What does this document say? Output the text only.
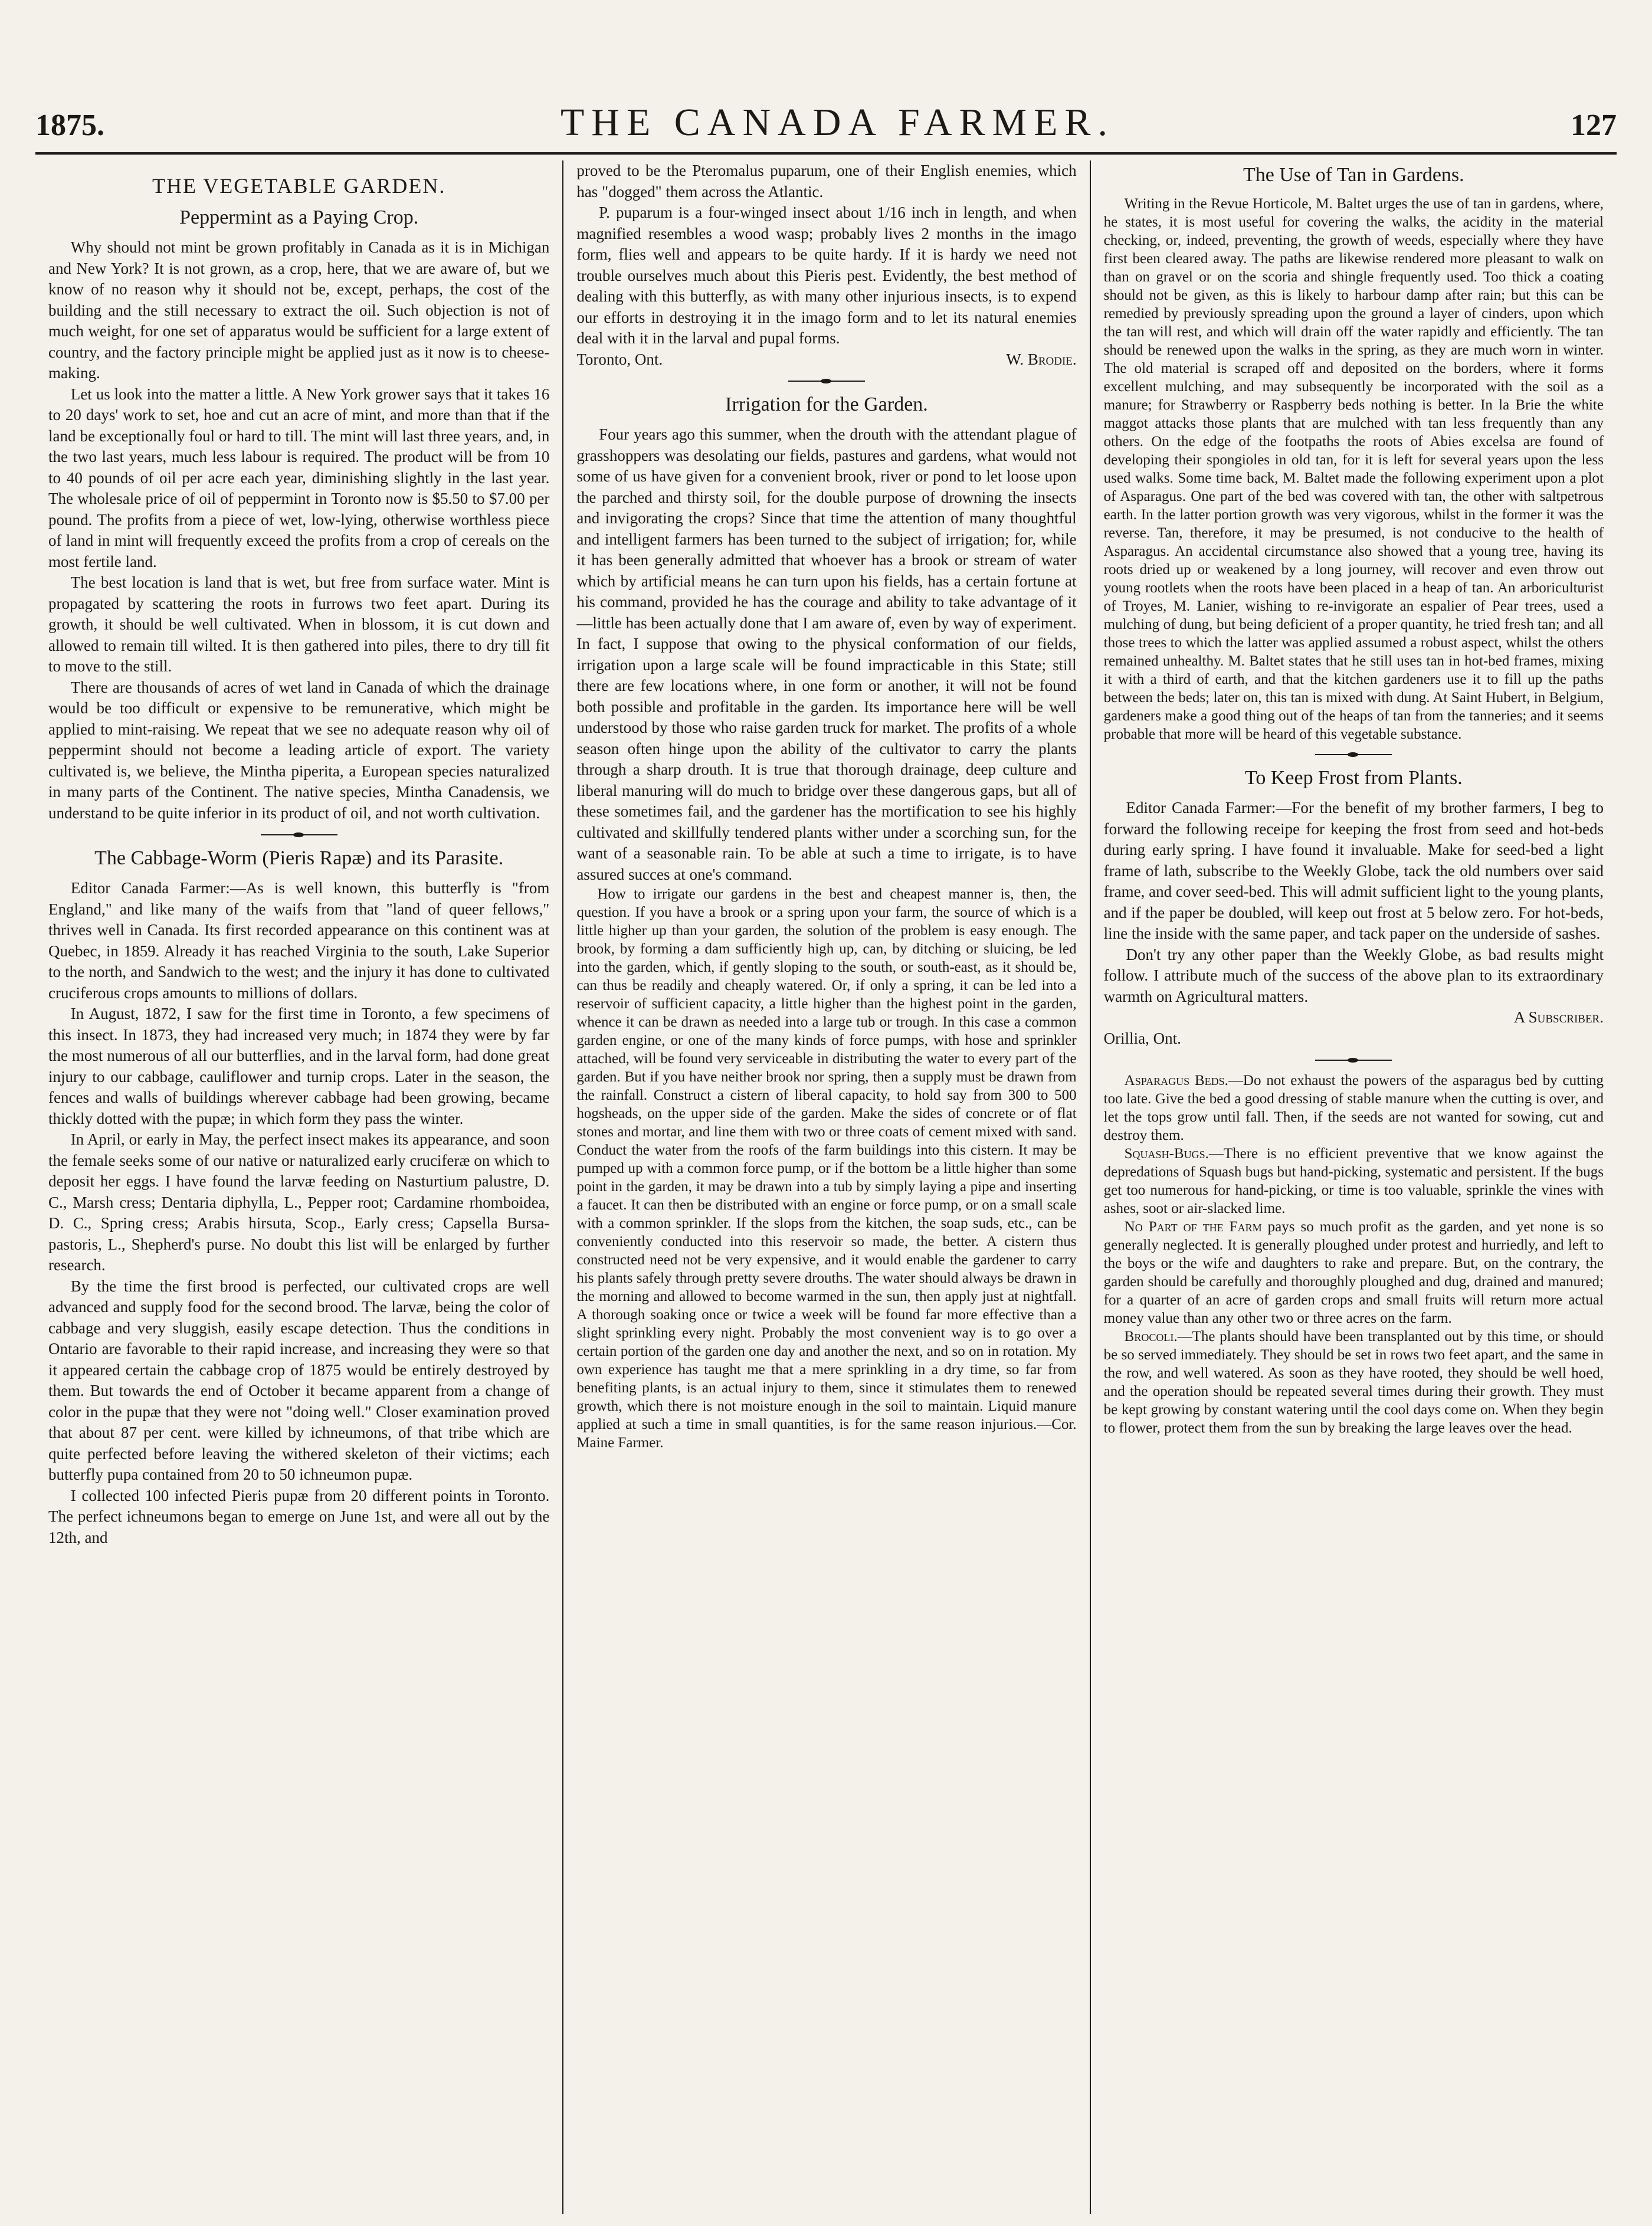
1875.	THE CANADA FARMER.	127
THE VEGETABLE GARDEN.
Peppermint as a Paying Crop.

Why should not mint be grown profitably in Canada as it is in Michigan and New York? It is not grown, as a crop, here, that we are aware of, but we know of no reason why it should not be, except, perhaps, the cost of the building and the still necessary to extract the oil. Such objection is not of much weight, for one set of apparatus would be sufficient for a large extent of country, and the factory principle might be applied just as it now is to cheese-making.

Let us look into the matter a little. A New York grower says that it takes 16 to 20 days' work to set, hoe and cut an acre of mint, and more than that if the land be exceptionally foul or hard to till. The mint will last three years, and, in the two last years, much less labour is required. The product will be from 10 to 40 pounds of oil per acre each year, diminishing slightly in the last year. The wholesale price of oil of peppermint in Toronto now is $5.50 to $7.00 per pound. The profits from a piece of wet, low-lying, otherwise worthless piece of land in mint will frequently exceed the profits from a crop of cereals on the most fertile land.

The best location is land that is wet, but free from surface water. Mint is propagated by scattering the roots in furrows two feet apart. During its growth, it should be well cultivated. When in blossom, it is cut down and allowed to remain till wilted. It is then gathered into piles, there to dry till fit to move to the still.

There are thousands of acres of wet land in Canada of which the drainage would be too difficult or expensive to be remunerative, which might be applied to mint-raising. We repeat that we see no adequate reason why oil of peppermint should not become a leading article of export. The variety cultivated is, we believe, the Mintha piperita, a European species naturalized in many parts of the Continent. The native species, Mintha Canadensis, we understand to be quite inferior in its product of oil, and not worth cultivation.

The Cabbage-Worm (Pieris Rapæ) and its Parasite.

Editor Canada Farmer:—As is well known, this butterfly is "from England," and like many of the waifs from that "land of queer fellows," thrives well in Canada. Its first recorded appearance on this continent was at Quebec, in 1859. Already it has reached Virginia to the south, Lake Superior to the north, and Sandwich to the west; and the injury it has done to cultivated cruciferous crops amounts to millions of dollars.

In August, 1872, I saw for the first time in Toronto, a few specimens of this insect. In 1873, they had increased very much; in 1874 they were by far the most numerous of all our butterflies, and in the larval form, had done great injury to our cabbage, cauliflower and turnip crops. Later in the season, the fences and walls of buildings wherever cabbage had been growing, became thickly dotted with the pupæ; in which form they pass the winter.

In April, or early in May, the perfect insect makes its appearance, and soon the female seeks some of our native or naturalized early cruciferæ on which to deposit her eggs. I have found the larvæ feeding on Nasturtium palustre, D. C., Marsh cress; Dentaria diphylla, L., Pepper root; Cardamine rhomboidea, D. C., Spring cress; Arabis hirsuta, Scop., Early cress; Capsella Bursa-pastoris, L., Shepherd's purse. No doubt this list will be enlarged by further research.

By the time the first brood is perfected, our cultivated crops are well advanced and supply food for the second brood. The larvæ, being the color of cabbage and very sluggish, easily escape detection. Thus the conditions in Ontario are favorable to their rapid increase, and increasing they were so that it appeared certain the cabbage crop of 1875 would be entirely destroyed by them. But towards the end of October it became apparent from a change of color in the pupæ that they were not "doing well." Closer examination proved that about 87 per cent. were killed by ichneumons, of that tribe which are quite perfected before leaving the withered skeleton of their victims; each butterfly pupa contained from 20 to 50 ichneumon pupæ.

I collected 100 infected Pieris pupæ from 20 different points in Toronto. The perfect ichneumons began to emerge on June 1st, and were all out by the 12th, and

proved to be the Pteromalus puparum, one of their English enemies, which has "dogged" them across the Atlantic.

P. puparum is a four-winged insect about 1/16 inch in length, and when magnified resembles a wood wasp; probably lives 2 months in the imago form, flies well and appears to be quite hardy. If it is hardy we need not trouble ourselves much about this Pieris pest. Evidently, the best method of dealing with this butterfly, as with many other injurious insects, is to expend our efforts in destroying it in the imago form and to let its natural enemies deal with it in the larval and pupal forms.

Toronto, Ont.	W. Brodie.

Irrigation for the Garden.

Four years ago this summer, when the drouth with the attendant plague of grasshoppers was desolating our fields, pastures and gardens, what would not some of us have given for a convenient brook, river or pond to let loose upon the parched and thirsty soil, for the double purpose of drowning the insects and invigorating the crops? Since that time the attention of many thoughtful and intelligent farmers has been turned to the subject of irrigation; for, while it has been generally admitted that whoever has a brook or stream of water which by artificial means he can turn upon his fields, has a certain fortune at his command, provided he has the courage and ability to take advantage of it—little has been actually done that I am aware of, even by way of experiment. In fact, I suppose that owing to the physical conformation of our fields, irrigation upon a large scale will be found impracticable in this State; still there are few locations where, in one form or another, it will not be found both possible and profitable in the garden. Its importance here will be well understood by those who raise garden truck for market. The profits of a whole season often hinge upon the ability of the cultivator to carry the plants through a sharp drouth. It is true that thorough drainage, deep culture and liberal manuring will do much to bridge over these dangerous gaps, but all of these sometimes fail, and the gardener has the mortification to see his highly cultivated and skillfully tendered plants wither under a scorching sun, for the want of a seasonable rain. To be able at such a time to irrigate, is to have assured succes at one's command.

How to irrigate our gardens in the best and cheapest manner is, then, the question. If you have a brook or a spring upon your farm, the source of which is a little higher up than your garden, the solution of the problem is easy enough. The brook, by forming a dam sufficiently high up, can, by ditching or sluicing, be led into the garden, which, if gently sloping to the south, or south-east, as it should be, can thus be readily and cheaply watered. Or, if only a spring, it can be led into a reservoir of sufficient capacity, a little higher than the highest point in the garden, whence it can be drawn as needed into a large tub or trough. In this case a common garden engine, or one of the many kinds of force pumps, with hose and sprinkler attached, will be found very serviceable in distributing the water to every part of the garden. But if you have neither brook nor spring, then a supply must be drawn from the rainfall. Construct a cistern of liberal capacity, to hold say from 300 to 500 hogsheads, on the upper side of the garden. Make the sides of concrete or of flat stones and mortar, and line them with two or three coats of cement mixed with sand. Conduct the water from the roofs of the farm buildings into this cistern. It may be pumped up with a common force pump, or if the bottom be a little higher than some point in the garden, it may be drawn into a tub by simply laying a pipe and inserting a faucet. It can then be distributed with an engine or force pump, or on a small scale with a common sprinkler. If the slops from the kitchen, the soap suds, etc., can be conveniently conducted into this reservoir so made, the better. A cistern thus constructed need not be very expensive, and it would enable the gardener to carry his plants safely through pretty severe drouths. The water should always be drawn in the morning and allowed to become warmed in the sun, then apply just at nightfall. A thorough soaking once or twice a week will be found far more effective than a slight sprinkling every night. Probably the most convenient way is to go over a certain portion of the garden one day and another the next, and so on in rotation. My own experience has taught me that a mere sprinkling in a dry time, so far from benefiting plants, is an actual injury to them, since it stimulates them to renewed growth, which there is not moisture enough in the soil to maintain. Liquid manure applied at such a time in small quantities, is for the same reason injurious.—Cor. Maine Farmer.

The Use of Tan in Gardens.

Writing in the Revue Horticole, M. Baltet urges the use of tan in gardens, where, he states, it is most useful for covering the walks, the acidity in the material checking, or, indeed, preventing, the growth of weeds, especially where they have first been cleared away. The paths are likewise rendered more pleasant to walk on than on gravel or on the scoria and shingle frequently used. Too thick a coating should not be given, as this is likely to harbour damp after rain; but this can be remedied by previously spreading upon the ground a layer of cinders, upon which the tan will rest, and which will drain off the water rapidly and efficiently. The tan should be renewed upon the walks in the spring, as they are much worn in winter. The old material is scraped off and deposited on the borders, where it forms excellent mulching, and may subsequently be incorporated with the soil as a manure; for Strawberry or Raspberry beds nothing is better. In la Brie the white maggot attacks those plants that are mulched with tan less frequently than any others. On the edge of the footpaths the roots of Abies excelsa are found of developing their spongioles in old tan, for it is left for several years upon the less used walks. Some time back, M. Baltet made the following experiment upon a plot of Asparagus. One part of the bed was covered with tan, the other with saltpetrous earth. In the latter portion growth was very vigorous, whilst in the former it was the reverse. Tan, therefore, it may be presumed, is not conducive to the health of Asparagus. An accidental circumstance also showed that a young tree, having its roots dried up or weakened by a long journey, will recover and even throw out young rootlets when the roots have been placed in a heap of tan. An arboriculturist of Troyes, M. Lanier, wishing to re-invigorate an espalier of Pear trees, used a mulching of dung, but being deficient of a proper quantity, he tried fresh tan; and all those trees to which the latter was applied assumed a robust aspect, whilst the others remained unhealthy. M. Baltet states that he still uses tan in hot-bed frames, mixing it with a third of earth, and that the kitchen gardeners use it to fill up the paths between the beds; later on, this tan is mixed with dung. At Saint Hubert, in Belgium, gardeners make a good thing out of the heaps of tan from the tanneries; and it seems probable that more will be heard of this vegetable substance.

To Keep Frost from Plants.

Editor Canada Farmer:—For the benefit of my brother farmers, I beg to forward the following receipe for keeping the frost from seed and hot-beds during early spring. I have found it invaluable. Make for seed-bed a light frame of lath, subscribe to the Weekly Globe, tack the old numbers over said frame, and cover seed-bed. This will admit sufficient light to the young plants, and if the paper be doubled, will keep out frost at 5 below zero. For hot-beds, line the inside with the same paper, and tack paper on the underside of sashes.

Don't try any other paper than the Weekly Globe, as bad results might follow. I attribute much of the success of the above plan to its extraordinary warmth on Agricultural matters.

A Subscriber.

Orillia, Ont.

Asparagus Beds.—Do not exhaust the powers of the asparagus bed by cutting too late. Give the bed a good dressing of stable manure when the cutting is over, and let the tops grow until fall. Then, if the seeds are not wanted for sowing, cut and destroy them.

Squash-Bugs.—There is no efficient preventive that we know against the depredations of Squash bugs but hand-picking, systematic and persistent. If the bugs get too numerous for hand-picking, or time is too valuable, sprinkle the vines with ashes, soot or air-slacked lime.

No Part of the Farm pays so much profit as the garden, and yet none is so generally neglected. It is generally ploughed under protest and hurriedly, and left to the boys or the wife and daughters to rake and prepare. But, on the contrary, the garden should be carefully and thoroughly ploughed and dug, drained and manured; for a quarter of an acre of garden crops and small fruits will return more actual money value than any other two or three acres on the farm.

Brocoli.—The plants should have been transplanted out by this time, or should be so served immediately. They should be set in rows two feet apart, and the same in the row, and well watered. As soon as they have rooted, they should be well hoed, and the operation should be repeated several times during their growth. They must be kept growing by constant watering until the cool days come on. When they begin to flower, protect them from the sun by breaking the large leaves over the head.
